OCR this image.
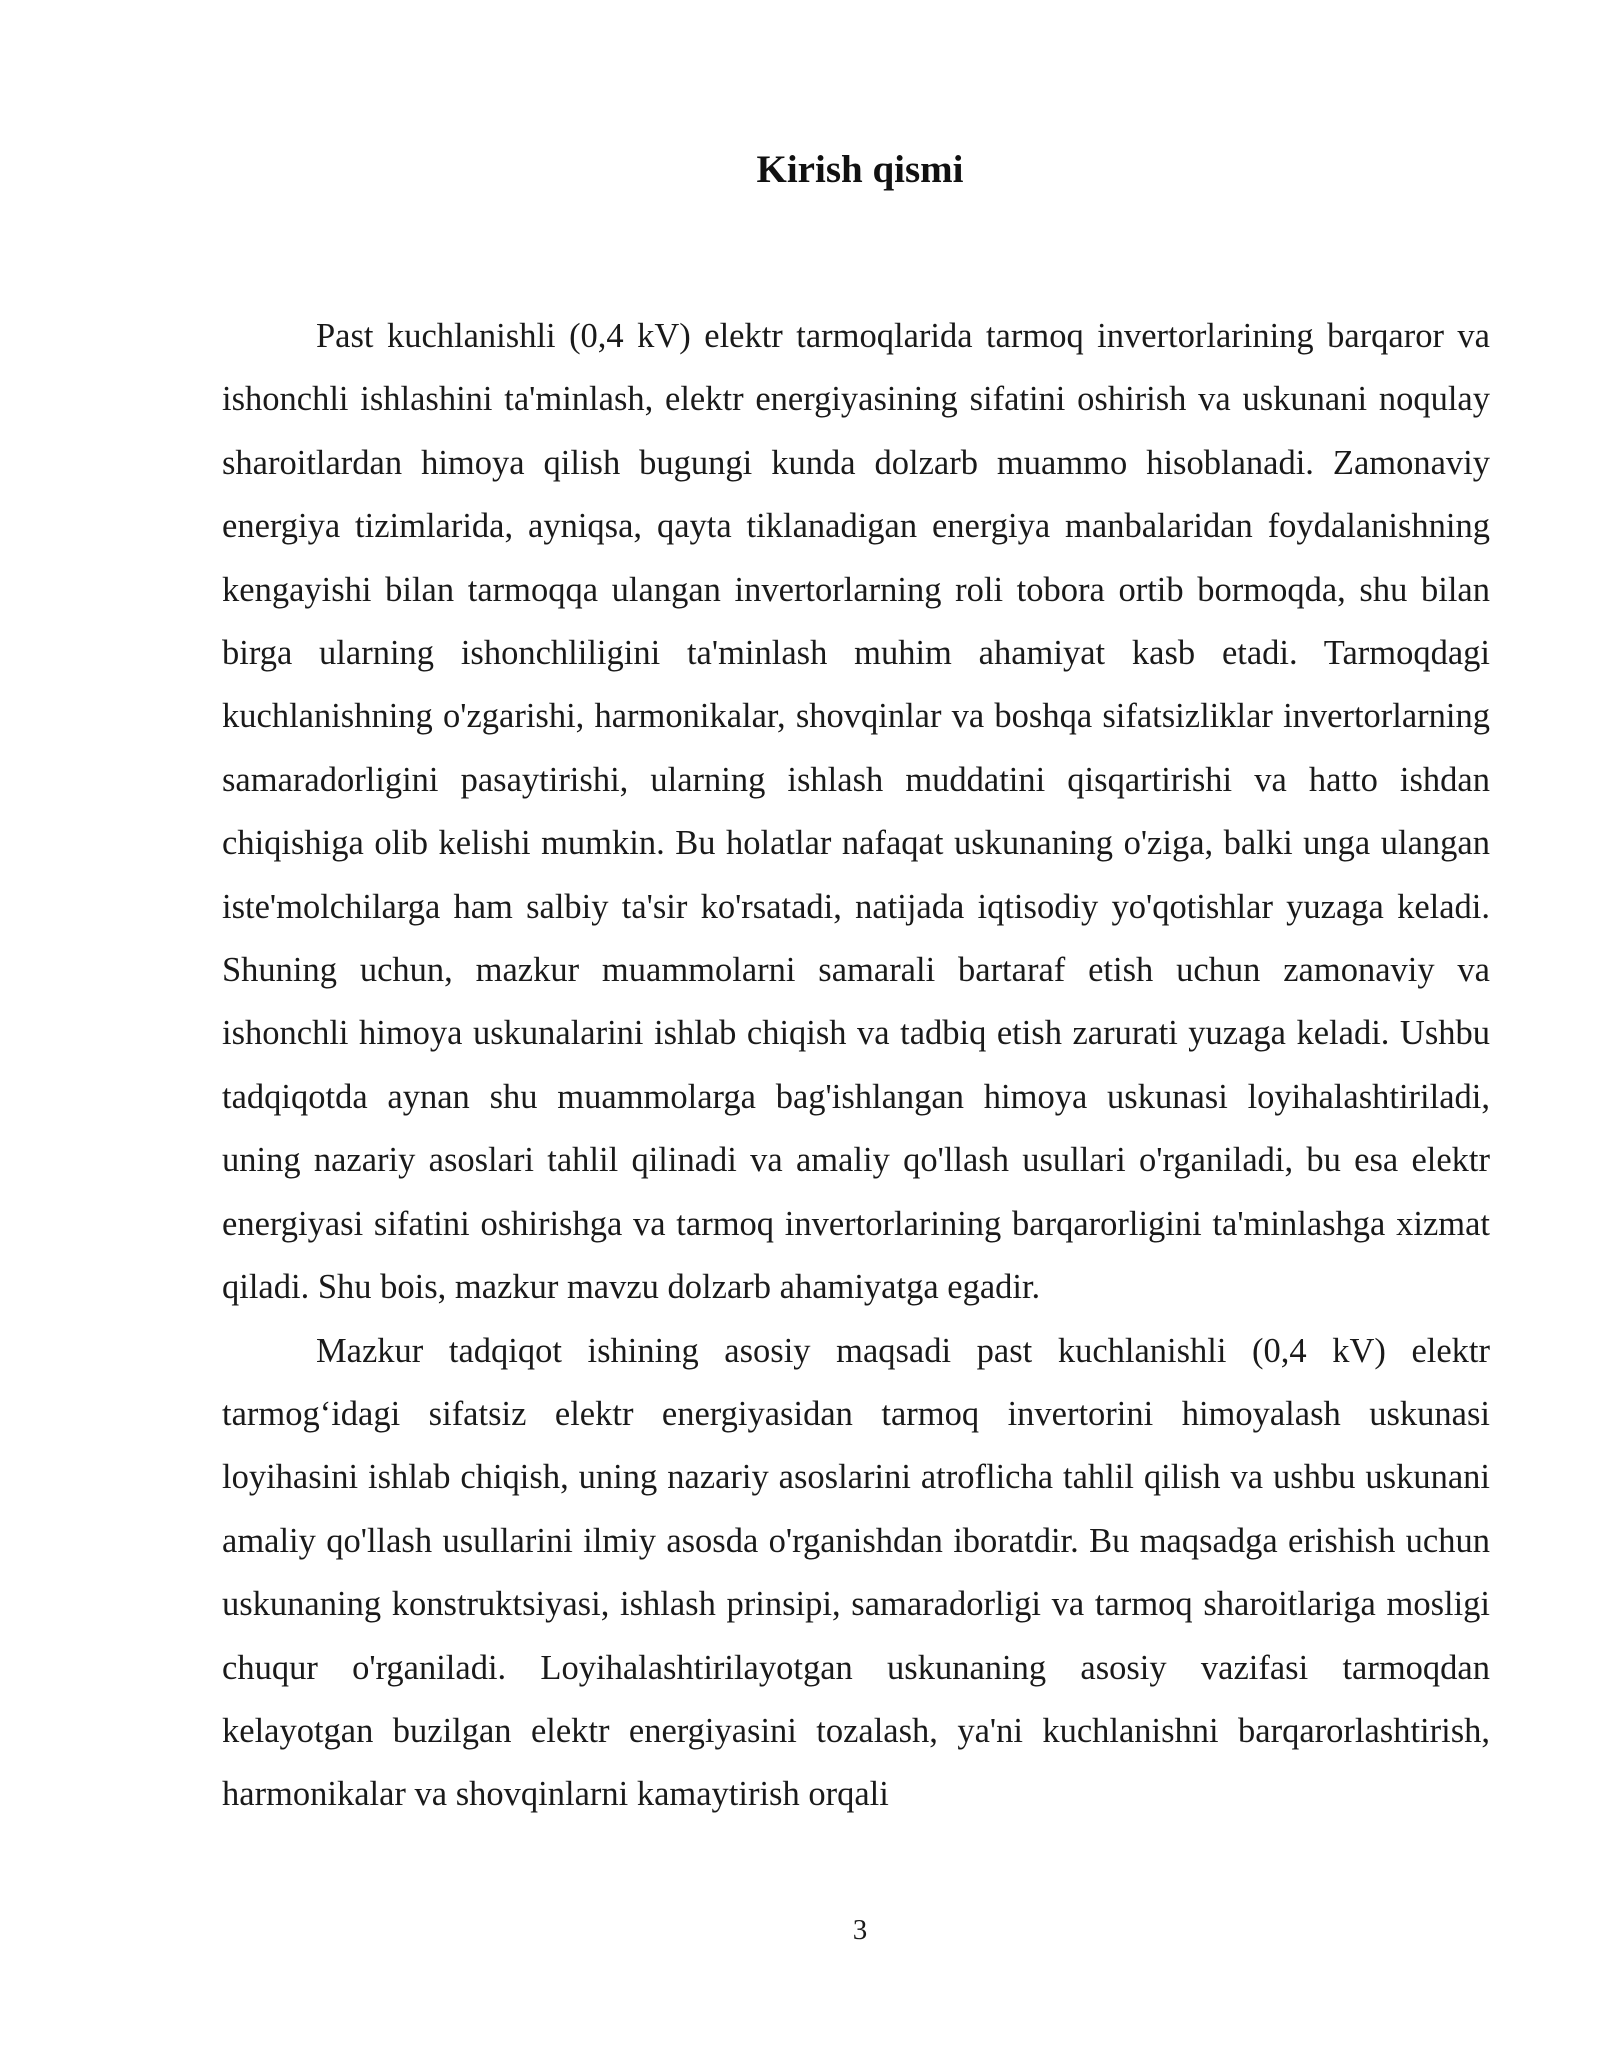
Kirish qismi

Past kuchlanishli (0,4 kV) elektr tarmoqlarida tarmoq invertorlarining barqaror va ishonchli ishlashini ta'minlash, elektr energiyasining sifatini oshirish va uskunani noqulay sharoitlardan himoya qilish bugungi kunda dolzarb muammo hisoblanadi. Zamonaviy energiya tizimlarida, ayniqsa, qayta tiklanadigan energiya manbalaridan foydalanishning kengayishi bilan tarmoqqa ulangan invertorlarning roli tobora ortib bormoqda, shu bilan birga ularning ishonchliligini ta'minlash muhim ahamiyat kasb etadi. Tarmoqdagi kuchlanishning o'zgarishi, harmonikalar, shovqinlar va boshqa sifatsizliklar invertorlarning samaradorligini pasaytirishi, ularning ishlash muddatini qisqartirishi va hatto ishdan chiqishiga olib kelishi mumkin. Bu holatlar nafaqat uskunaning o'ziga, balki unga ulangan iste'molchilarga ham salbiy ta'sir ko'rsatadi, natijada iqtisodiy yo'qotishlar yuzaga keladi. Shuning uchun, mazkur muammolarni samarali bartaraf etish uchun zamonaviy va ishonchli himoya uskunalarini ishlab chiqish va tadbiq etish zarurati yuzaga keladi. Ushbu tadqiqotda aynan shu muammolarga bag'ishlangan himoya uskunasi loyihalashtiriladi, uning nazariy asoslari tahlil qilinadi va amaliy qo'llash usullari o'rganiladi, bu esa elektr energiyasi sifatini oshirishga va tarmoq invertorlarining barqarorligini ta'minlashga xizmat qiladi. Shu bois, mazkur mavzu dolzarb ahamiyatga egadir.

Mazkur tadqiqot ishining asosiy maqsadi past kuchlanishli (0,4 kV) elektr tarmog‘idagi sifatsiz elektr energiyasidan tarmoq invertorini himoyalash uskunasi loyihasini ishlab chiqish, uning nazariy asoslarini atroflicha tahlil qilish va ushbu uskunani amaliy qo'llash usullarini ilmiy asosda o'rganishdan iboratdir. Bu maqsadga erishish uchun uskunaning konstruktsiyasi, ishlash prinsipi, samaradorligi va tarmoq sharoitlariga mosligi chuqur o'rganiladi. Loyihalashtirilayotgan uskunaning asosiy vazifasi tarmoqdan kelayotgan buzilgan elektr energiyasini tozalash, ya'ni kuchlanishni barqarorlashtirish, harmonikalar va shovqinlarni kamaytirish orqali

3
